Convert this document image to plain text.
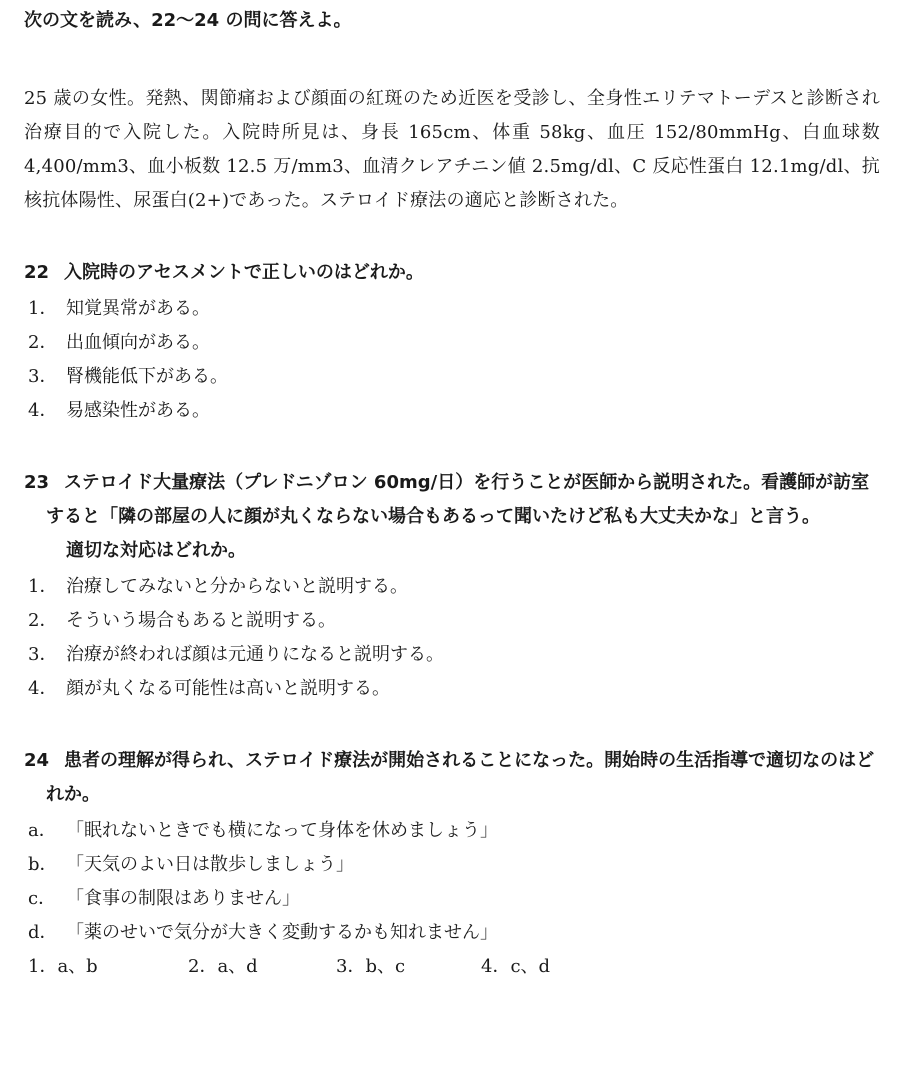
次の文を読み、22〜24 の問に答えよ。

25 歳の女性。発熱、関節痛および顔面の紅斑のため近医を受診し、全身性エリテマトーデスと診断され治療目的で入院した。入院時所見は、身長 165cm、体重 58kg、血圧 152/80mmHg、白血球数 4,400/mm3、血小板数 12.5 万/mm3、血清クレアチニン値 2.5mg/dl、C 反応性蛋白 12.1mg/dl、抗核抗体陽性、尿蛋白(2+)であった。ステロイド療法の適応と診断された。

22 入院時のアセスメントで正しいのはどれか。

1． 知覚異常がある。
2． 出血傾向がある。
3． 腎機能低下がある。
4． 易感染性がある。

23 ステロイド大量療法（プレドニゾロン 60mg/日）を行うことが医師から説明された。看護師が訪室すると「隣の部屋の人に顔が丸くならない場合もあるって聞いたけど私も大丈夫かな」と言う。

適切な対応はどれか。

1． 治療してみないと分からないと説明する。
2． そういう場合もあると説明する。
3． 治療が終われば顔は元通りになると説明する。
4． 顔が丸くなる可能性は高いと説明する。

24 患者の理解が得られ、ステロイド療法が開始されることになった。開始時の生活指導で適切なのはどれか。

a． 「眠れないときでも横になって身体を休めましょう」
b． 「天気のよい日は散歩しましょう」
c． 「食事の制限はありません」
d． 「薬のせいで気分が大きく変動するかも知れません」
1．a、b	2．a、d	3．b、c	4．c、d
